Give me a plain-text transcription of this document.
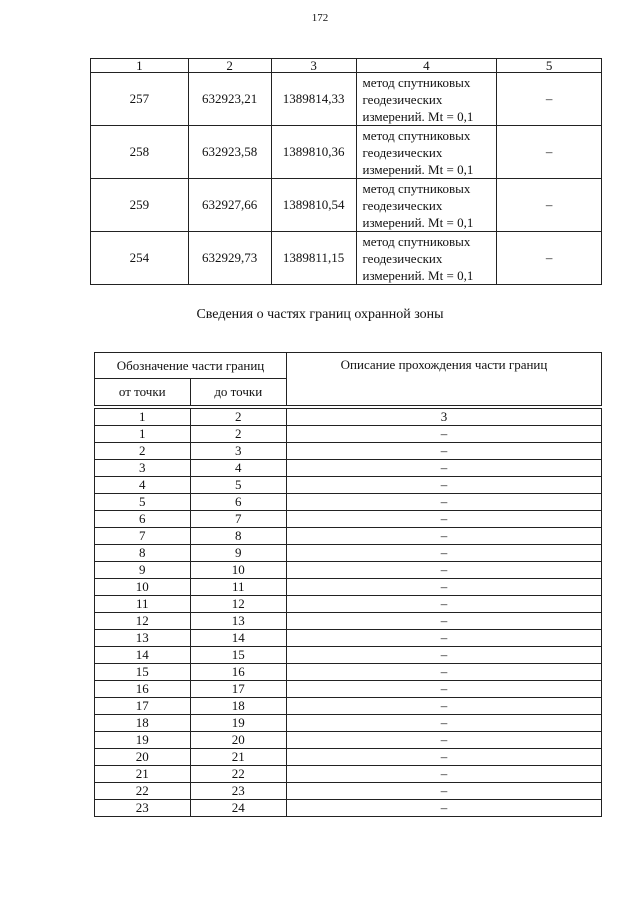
172
1	2	3	4	5
257	632923,21	1389814,33	метод спутниковых
геодезических
измерений. Mt = 0,1	–
258	632923,58	1389810,36	метод спутниковых
геодезических
измерений. Mt = 0,1	–
259	632927,66	1389810,54	метод спутниковых
геодезических
измерений. Mt = 0,1	–
254	632929,73	1389811,15	метод спутниковых
геодезических
измерений. Mt = 0,1	–
Сведения о частях границ охранной зоны
Обозначение части границ		Описание прохождения части границ
от точки	до точки	

1	2	3
1	2	–
2	3	–
3	4	–
4	5	–
5	6	–
6	7	–
7	8	–
8	9	–
9	10	–
10	11	–
11	12	–
12	13	–
13	14	–
14	15	–
15	16	–
16	17	–
17	18	–
18	19	–
19	20	–
20	21	–
21	22	–
22	23	–
23	24	–
